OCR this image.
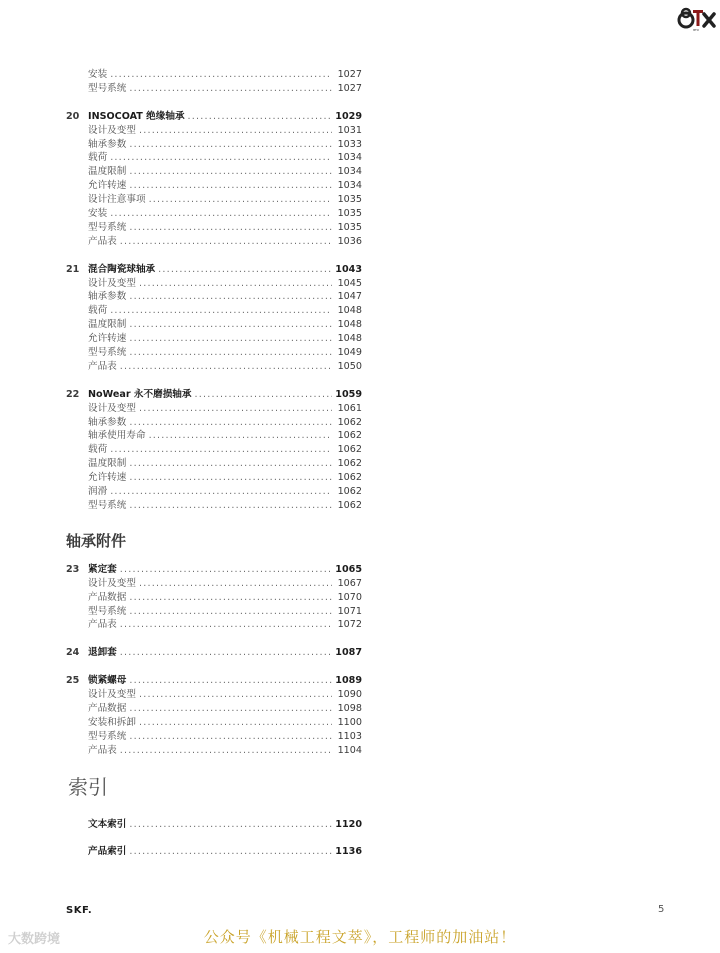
8TX
安装 .....	1027
型号系统 .....	1027
20 INSOCOAT 绝缘轴承 .....	1029
设计及变型 .....	1031
轴承参数 .....	1033
载荷 .....	1034
温度限制 .....	1034
允许转速 .....	1034
设计注意事项 .....	1035
安装 .....	1035
型号系统 .....	1035
产品表 .....	1036
21 混合陶瓷球轴承 .....	1043
设计及变型 .....	1045
轴承参数 .....	1047
载荷 .....	1048
温度限制 .....	1048
允许转速 .....	1048
型号系统 .....	1049
产品表 .....	1050
22 NoWear 永不磨损轴承 .....	1059
设计及变型 .....	1061
轴承参数 .....	1062
轴承使用寿命 .....	1062
载荷 .....	1062
温度限制 .....	1062
允许转速 .....	1062
润滑 .....	1062
型号系统 .....	1062
轴承附件
23 紧定套 .....	1065
设计及变型 .....	1067
产品数据 .....	1070
型号系统 .....	1071
产品表 .....	1072
24 退卸套 .....	1087
25 锁紧螺母 .....	1089
设计及变型 .....	1090
产品数据 .....	1098
安装和拆卸 .....	1100
型号系统 .....	1103
产品表 .....	1104
索引
文本索引 .....	1120
产品索引 .....	1136
SKF.	5
大数跨境	公众号《机械工程文萃》，工程师的加油站！
